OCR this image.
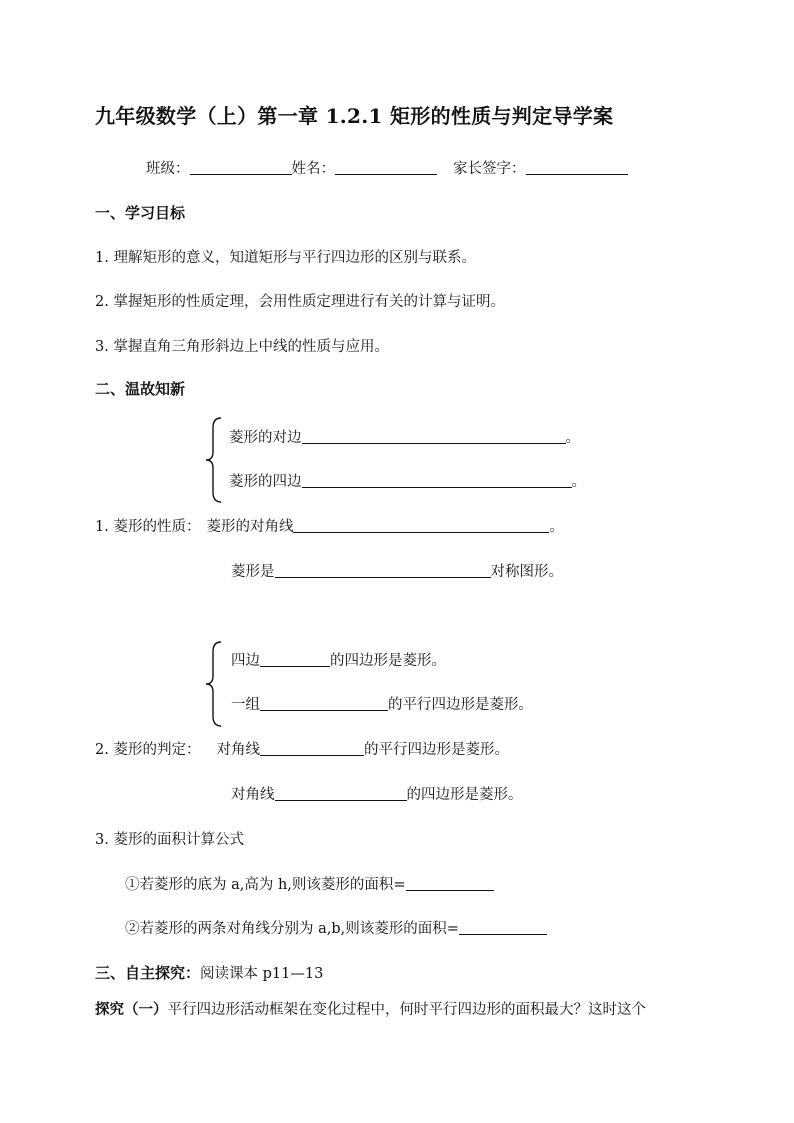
九年级数学（上）第一章 1.2.1 矩形的性质与判定导学案
班级：	姓名：	家长签字：
一、学习目标
1. 理解矩形的意义，知道矩形与平行四边形的区别与联系。
2. 掌握矩形的性质定理，会用性质定理进行有关的计算与证明。
3. 掌握直角三角形斜边上中线的性质与应用。
二、温故知新
菱形的对边	。
菱形的四边	。
1. 菱形的性质： 菱形的对角线	。
菱形是	对称图形。
四边	的四边形是菱形。
一组	的平行四边形是菱形。
2. 菱形的判定： 对角线	的平行四边形是菱形。
对角线	的四边形是菱形。
3. 菱形的面积计算公式
①若菱形的底为 a,高为 h,则该菱形的面积=
②若菱形的两条对角线分别为 a,b,则该菱形的面积=
三、自主探究：阅读课本 p11—13
探究（一）平行四边形活动框架在变化过程中，何时平行四边形的面积最大？这时这个
